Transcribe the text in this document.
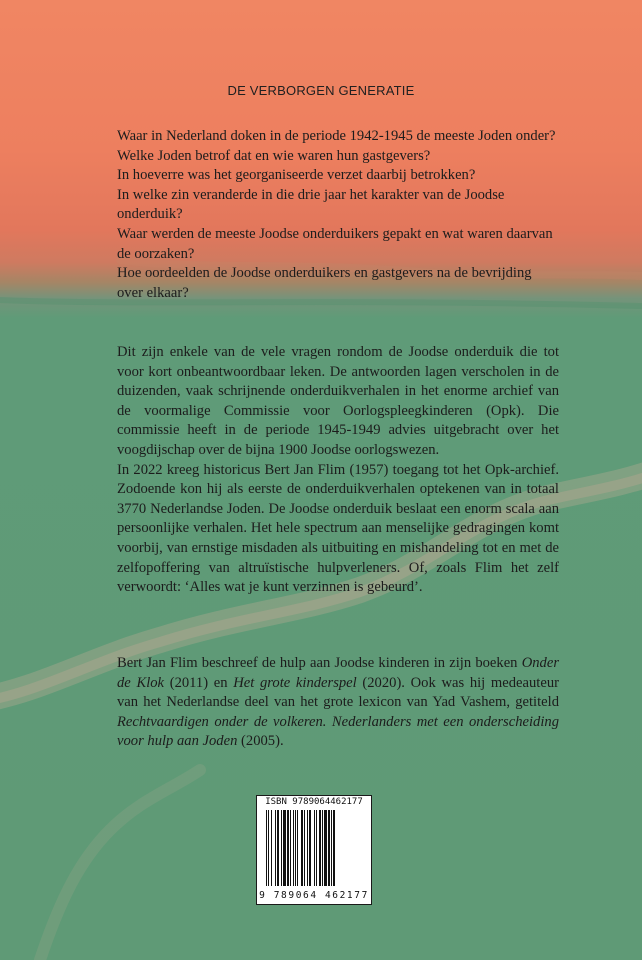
DE VERBORGEN GENERATIE

Waar in Nederland doken in de periode 1942-1945 de meeste Joden onder?

Welke Joden betrof dat en wie waren hun gastgevers?

In hoeverre was het georganiseerde verzet daarbij betrokken?

In welke zin veranderde in die drie jaar het karakter van de Joodse onderduik?

Waar werden de meeste Joodse onderduikers gepakt en wat waren daarvan de oorzaken?

Hoe oordeelden de Joodse onderduikers en gastgevers na de bevrijding over elkaar?

Dit zijn enkele van de vele vragen rondom de Joodse onderduik die tot voor kort onbeantwoordbaar leken. De antwoorden lagen verscholen in de duizenden, vaak schrijnende onderduikverhalen in het enorme archief van de voormalige Commissie voor Oorlogspleegkinderen (Opk). Die commissie heeft in de periode 1945-1949 advies uitgebracht over het voogdijschap over de bijna 1900 Joodse oorlogswezen.

In 2022 kreeg historicus Bert Jan Flim (1957) toegang tot het Opk-archief. Zodoende kon hij als eerste de onderduikverhalen optekenen van in totaal 3770 Nederlandse Joden. De Joodse onderduik beslaat een enorm scala aan persoonlijke verhalen. Het hele spectrum aan menselijke gedragingen komt voorbij, van ernstige misdaden als uitbuiting en mishandeling tot en met de zelfopoffering van altruïstische hulpverleners. Of, zoals Flim het zelf verwoordt: ‘Alles wat je kunt verzinnen is gebeurd’.

Bert Jan Flim beschreef de hulp aan Joodse kinderen in zijn boeken Onder de Klok (2011) en Het grote kinderspel (2020). Ook was hij medeauteur van het Nederlandse deel van het grote lexicon van Yad Vashem, getiteld Rechtvaardigen onder de volkeren. Nederlanders met een onderscheiding voor hulp aan Joden (2005).

ISBN 9789064462177
9 789064 462177
